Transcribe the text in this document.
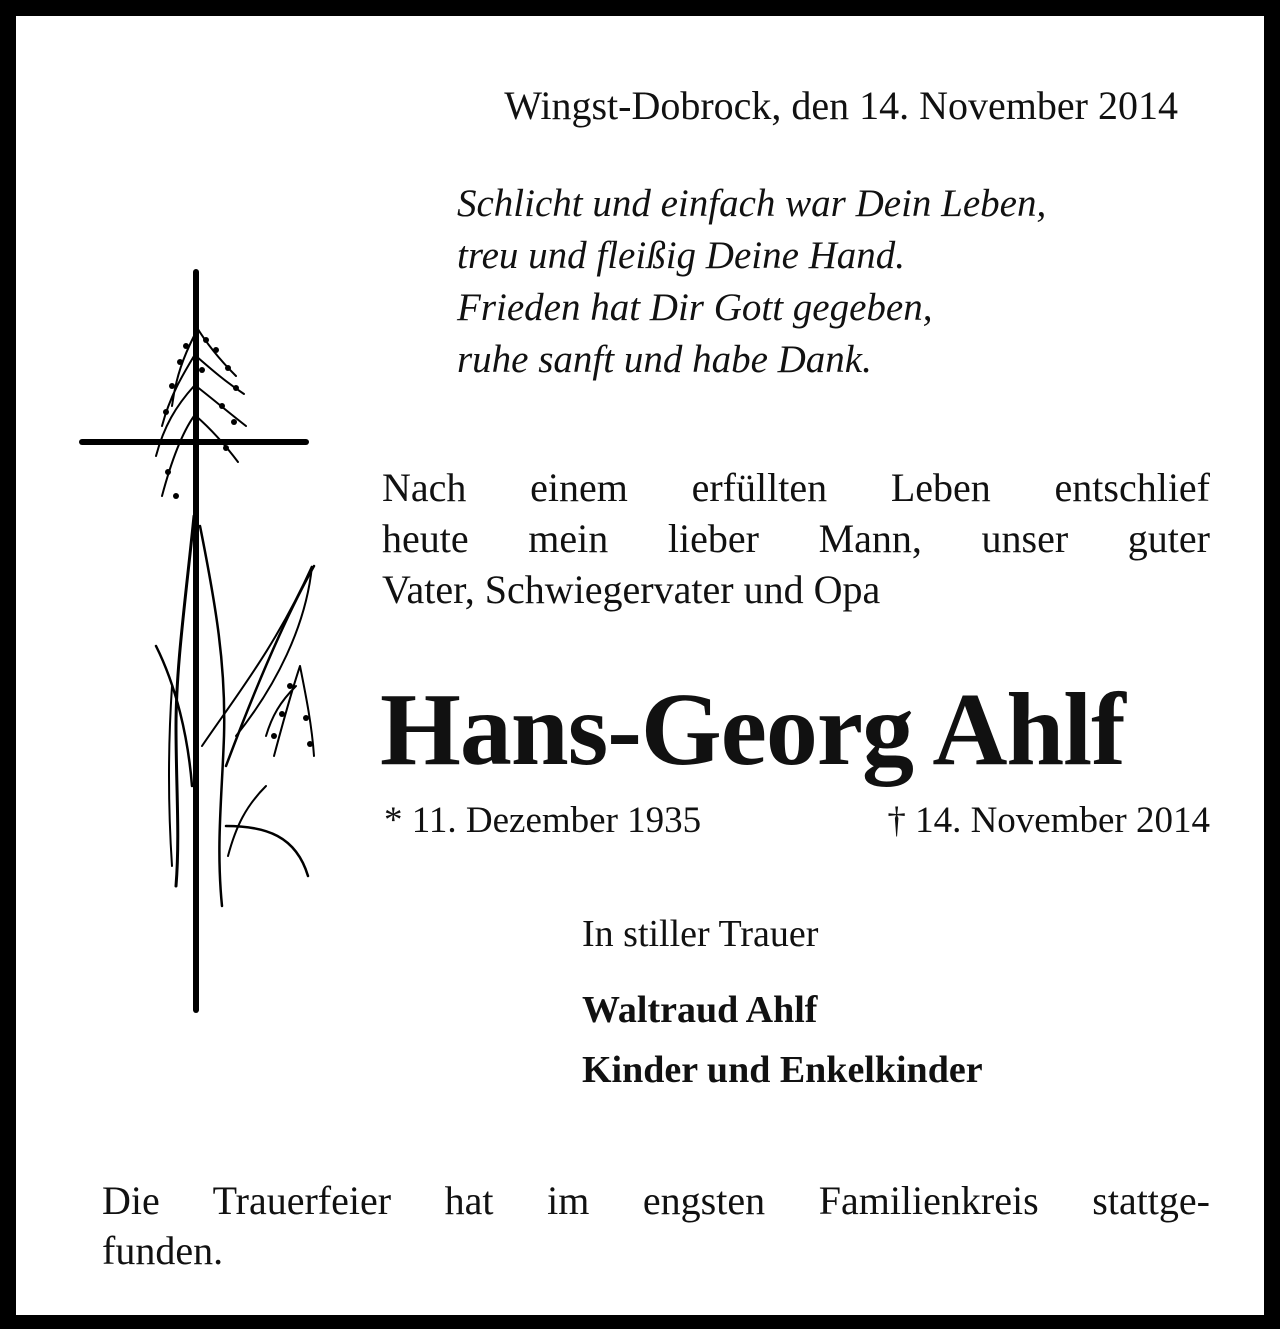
Wingst-Dobrock, den 14. November 2014
Schlicht und einfach war Dein Leben,
treu und fleißig Deine Hand.
Frieden hat Dir Gott gegeben,
ruhe sanft und habe Dank.
Nach einem erfüllten Leben entschlief
heute mein lieber Mann, unser guter
Vater, Schwiegervater und Opa
Hans-Georg Ahlf
* 11. Dezember 1935	† 14. November 2014
In stiller Trauer
Waltraud Ahlf
Kinder und Enkelkinder
Die Trauerfeier hat im engsten Familienkreis stattge-
funden.
